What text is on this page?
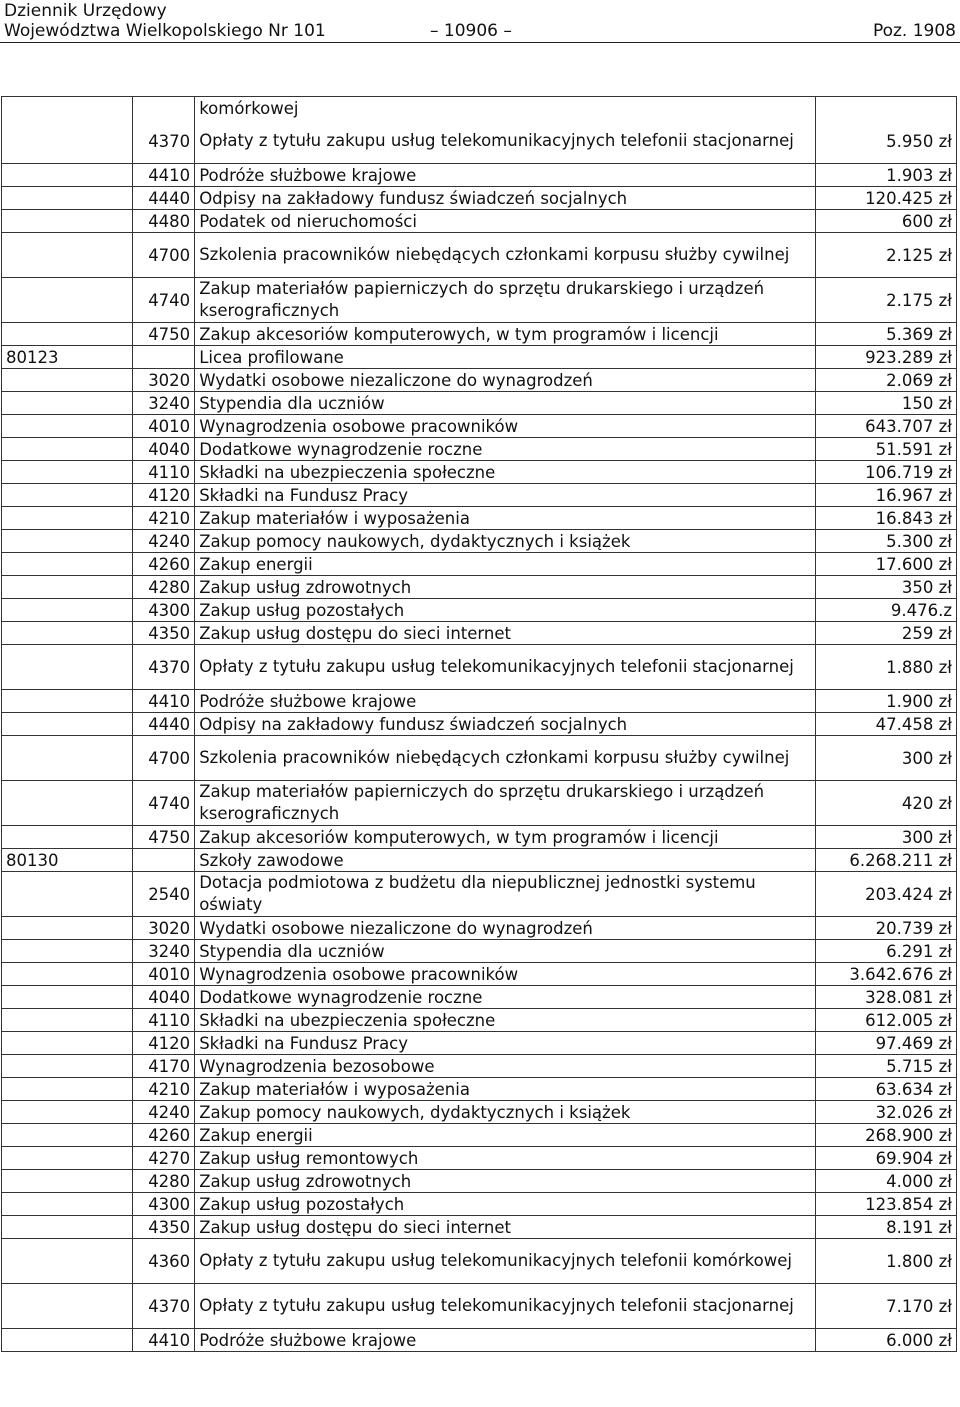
Dziennik Urzędowy
Województwa Wielkopolskiego Nr 101	– 10906 –	Poz. 1908
		komórkowej	
	4370	Opłaty z tytułu zakupu usług telekomunikacyjnych telefonii stacjonarnej	5.950 zł
	4410	Podróże służbowe krajowe	1.903 zł
	4440	Odpisy na zakładowy fundusz świadczeń socjalnych	120.425 zł
	4480	Podatek od nieruchomości	600 zł
	4700	Szkolenia pracowników niebędących członkami korpusu służby cywilnej	2.125 zł
	4740	Zakup materiałów papierniczych do sprzętu drukarskiego i urządzeń kserograficznych	2.175 zł
	4750	Zakup akcesoriów komputerowych, w tym programów i licencji	5.369 zł
80123		Licea profilowane	923.289 zł
	3020	Wydatki osobowe niezaliczone do wynagrodzeń	2.069 zł
	3240	Stypendia dla uczniów	150 zł
	4010	Wynagrodzenia osobowe pracowników	643.707 zł
	4040	Dodatkowe wynagrodzenie roczne	51.591 zł
	4110	Składki na ubezpieczenia społeczne	106.719 zł
	4120	Składki na Fundusz Pracy	16.967 zł
	4210	Zakup materiałów i wyposażenia	16.843 zł
	4240	Zakup pomocy naukowych, dydaktycznych i książek	5.300 zł
	4260	Zakup energii	17.600 zł
	4280	Zakup usług zdrowotnych	350 zł
	4300	Zakup usług pozostałych	9.476.z
	4350	Zakup usług dostępu do sieci internet	259 zł
	4370	Opłaty z tytułu zakupu usług telekomunikacyjnych telefonii stacjonarnej	1.880 zł
	4410	Podróże służbowe krajowe	1.900 zł
	4440	Odpisy na zakładowy fundusz świadczeń socjalnych	47.458 zł
	4700	Szkolenia pracowników niebędących członkami korpusu służby cywilnej	300 zł
	4740	Zakup materiałów papierniczych do sprzętu drukarskiego i urządzeń kserograficznych	420 zł
	4750	Zakup akcesoriów komputerowych, w tym programów i licencji	300 zł
80130		Szkoły zawodowe	6.268.211 zł
	2540	Dotacja podmiotowa z budżetu dla niepublicznej jednostki systemu oświaty	203.424 zł
	3020	Wydatki osobowe niezaliczone do wynagrodzeń	20.739 zł
	3240	Stypendia dla uczniów	6.291 zł
	4010	Wynagrodzenia osobowe pracowników	3.642.676 zł
	4040	Dodatkowe wynagrodzenie roczne	328.081 zł
	4110	Składki na ubezpieczenia społeczne	612.005 zł
	4120	Składki na Fundusz Pracy	97.469 zł
	4170	Wynagrodzenia bezosobowe	5.715 zł
	4210	Zakup materiałów i wyposażenia	63.634 zł
	4240	Zakup pomocy naukowych, dydaktycznych i książek	32.026 zł
	4260	Zakup energii	268.900 zł
	4270	Zakup usług remontowych	69.904 zł
	4280	Zakup usług zdrowotnych	4.000 zł
	4300	Zakup usług pozostałych	123.854 zł
	4350	Zakup usług dostępu do sieci internet	8.191 zł
	4360	Opłaty z tytułu zakupu usług telekomunikacyjnych telefonii komórkowej	1.800 zł
	4370	Opłaty z tytułu zakupu usług telekomunikacyjnych telefonii stacjonarnej	7.170 zł
	4410	Podróże służbowe krajowe	6.000 zł
